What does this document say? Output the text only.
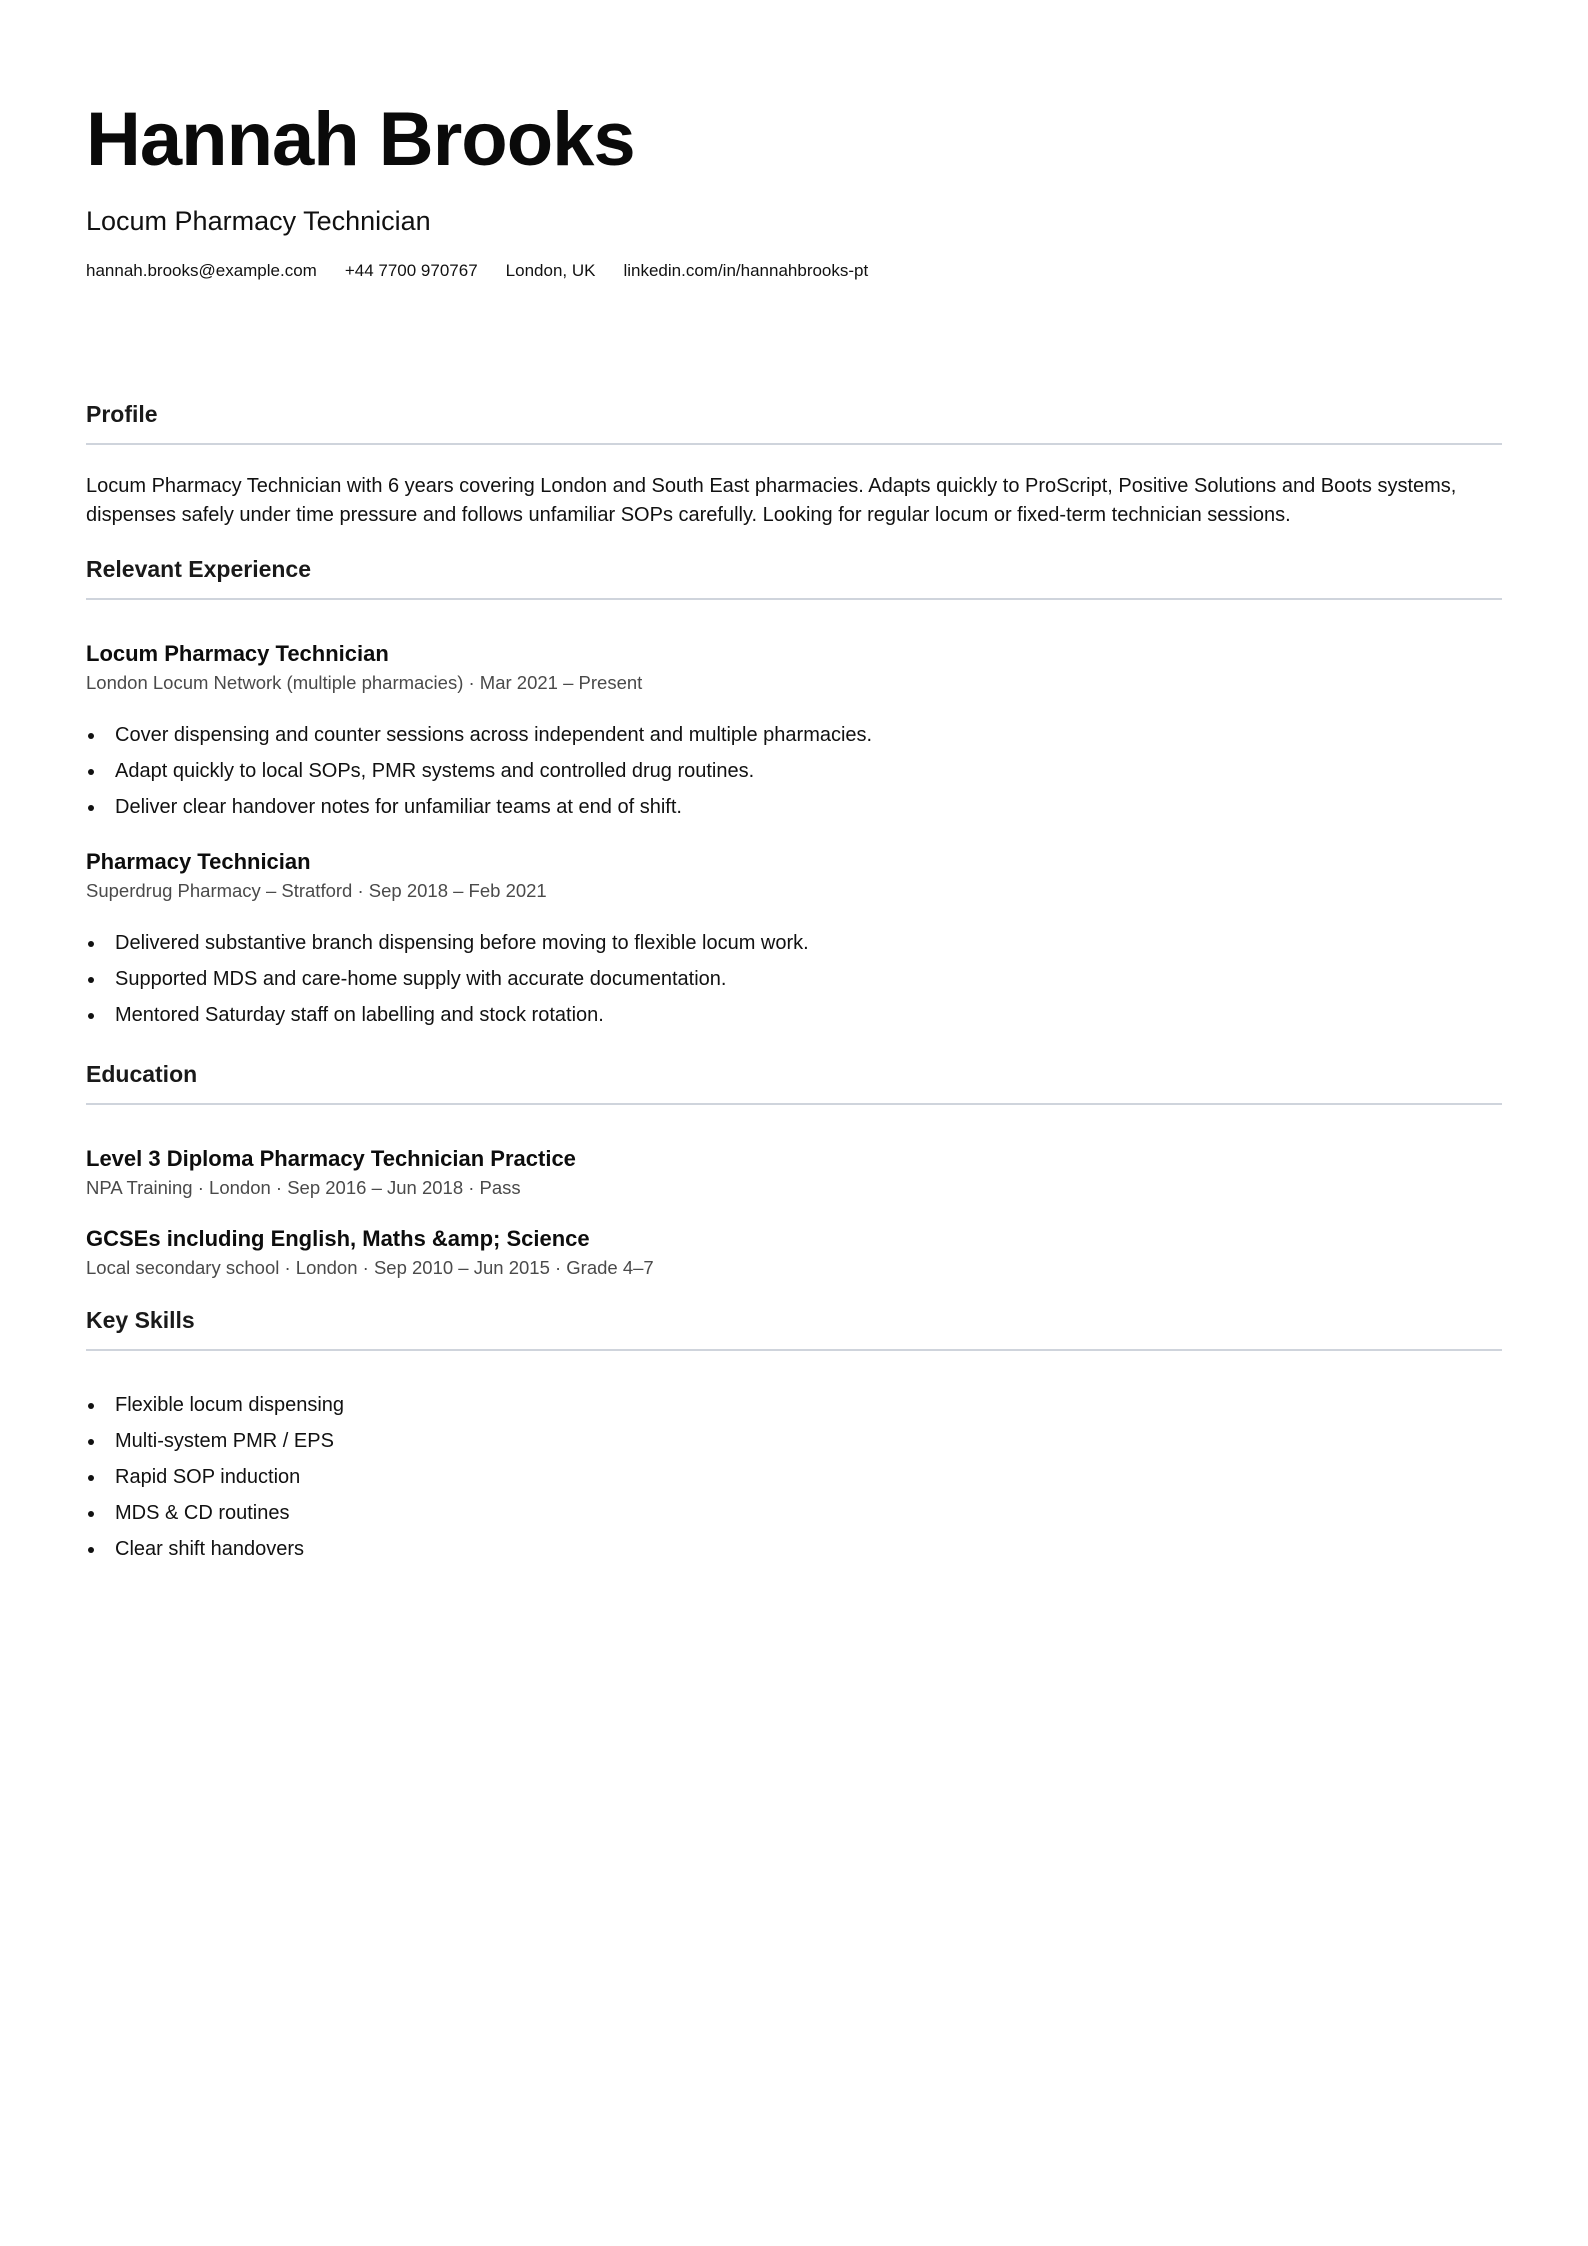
Hannah Brooks
Locum Pharmacy Technician
hannah.brooks@example.com +44 7700 970767 London, UK linkedin.com/in/hannahbrooks-pt
Profile
Locum Pharmacy Technician with 6 years covering London and South East pharmacies. Adapts quickly to ProScript, Positive Solutions and Boots systems, dispenses safely under time pressure and follows unfamiliar SOPs carefully. Looking for regular locum or fixed-term technician sessions.
Relevant Experience
Locum Pharmacy Technician
London Locum Network (multiple pharmacies) · Mar 2021 – Present
Cover dispensing and counter sessions across independent and multiple pharmacies.
Adapt quickly to local SOPs, PMR systems and controlled drug routines.
Deliver clear handover notes for unfamiliar teams at end of shift.
Pharmacy Technician
Superdrug Pharmacy – Stratford · Sep 2018 – Feb 2021
Delivered substantive branch dispensing before moving to flexible locum work.
Supported MDS and care-home supply with accurate documentation.
Mentored Saturday staff on labelling and stock rotation.
Education
Level 3 Diploma Pharmacy Technician Practice
NPA Training · London · Sep 2016 – Jun 2018 · Pass
GCSEs including English, Maths &amp; Science
Local secondary school · London · Sep 2010 – Jun 2015 · Grade 4–7
Key Skills
Flexible locum dispensing
Multi-system PMR / EPS
Rapid SOP induction
MDS & CD routines
Clear shift handovers
